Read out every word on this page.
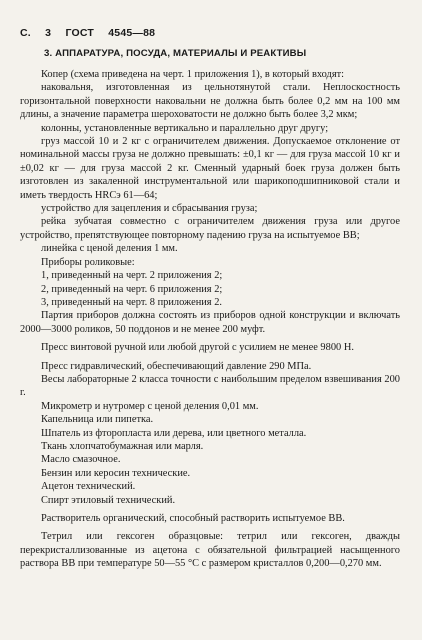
С. 3 ГОСТ 4545—88
3. АППАРАТУРА, ПОСУДА, МАТЕРИАЛЫ И РЕАКТИВЫ

Копер (схема приведена на черт. 1 приложения 1), в который входят:

наковальня, изготовленная из цельнотянутой стали. Неплоскостность горизонтальной поверхности наковальни не должна быть более 0,2 мм на 100 мм длины, а значение параметра шероховатости не должно быть более 3,2 мкм;

колонны, установленные вертикально и параллельно друг другу;

груз массой 10 и 2 кг с ограничителем движения. Допускаемое отклонение от номинальной массы груза не должно превышать: ±0,1 кг — для груза массой 10 кг и ±0,02 кг — для груза массой 2 кг. Сменный ударный боек груза должен быть изготовлен из закаленной инструментальной или шарикоподшипниковой стали и иметь твердость HRCэ 61—64;

устройство для зацепления и сбрасывания груза;

рейка зубчатая совместно с ограничителем движения груза или другое устройство, препятствующее повторному падению груза на испытуемое ВВ;

линейка с ценой деления 1 мм.

Приборы роликовые:

1, приведенный на черт. 2 приложения 2;

2, приведенный на черт. 6 приложения 2;

3, приведенный на черт. 8 приложения 2.

Партия приборов должна состоять из приборов одной конструкции и включать 2000—3000 роликов, 50 поддонов и не менее 200 муфт.

Пресс винтовой ручной или любой другой с усилием не менее 9800 Н.

Пресс гидравлический, обеспечивающий давление 290 МПа.

Весы лабораторные 2 класса точности с наибольшим пределом взвешивания 200 г.

Микрометр и нутромер с ценой деления 0,01 мм.

Капельница или пипетка.

Шпатель из фторопласта или дерева, или цветного металла.

Ткань хлопчатобумажная или марля.

Масло смазочное.

Бензин или керосин технические.

Ацетон технический.

Спирт этиловый технический.

Растворитель органический, способный растворить испытуемое ВВ.

Тетрил или гексоген образцовые: тетрил или гексоген, дважды перекристаллизованные из ацетона с обязательной фильтрацией насыщенного раствора ВВ при температуре 50—55 °С с размером кристаллов 0,200—0,270 мм.
